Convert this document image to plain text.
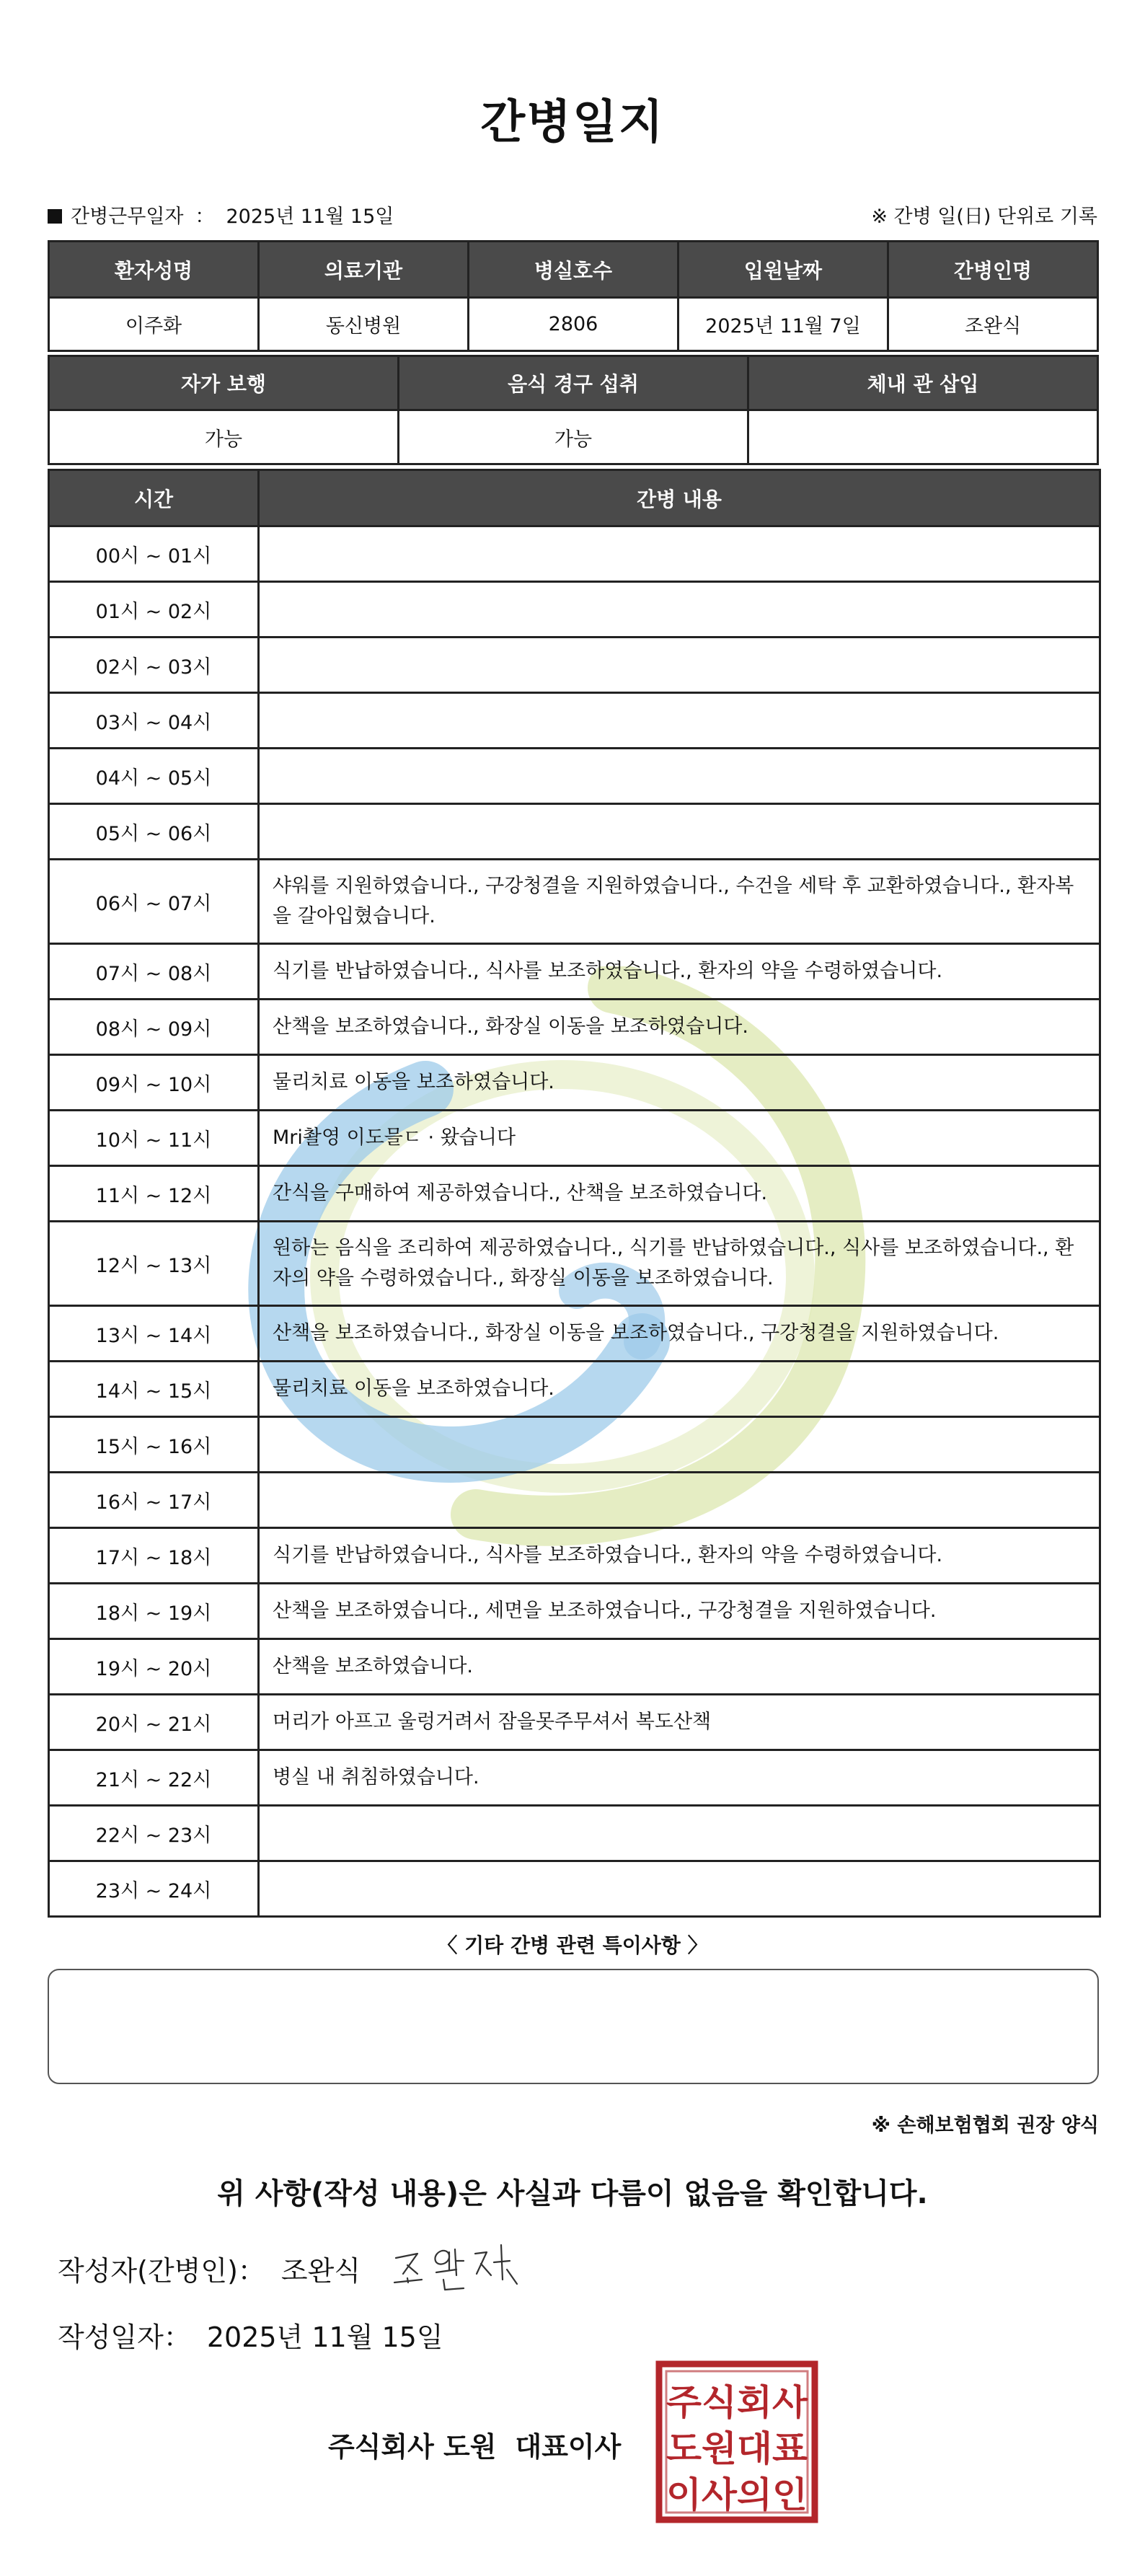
간병일지
간병근무일자 ： 2025년 11월 15일	※ 간병 일(日) 단위로 기록
환자성명	의료기관	병실호수	입원날짜	간병인명
이주화	동신병원	2806	2025년 11월 7일	조완식
자가 보행	음식 경구 섭취	체내 관 삽입
가능	가능	
시간	간병 내용
00시 ~ 01시	
01시 ~ 02시	
02시 ~ 03시	
03시 ~ 04시	
04시 ~ 05시	
05시 ~ 06시	
06시 ~ 07시	샤워를 지원하였습니다., 구강청결을 지원하였습니다., 수건을 세탁 후 교환하였습니다., 환자복을 갈아입혔습니다.
07시 ~ 08시	식기를 반납하였습니다., 식사를 보조하였습니다., 환자의 약을 수령하였습니다.
08시 ~ 09시	산책을 보조하였습니다., 화장실 이동을 보조하였습니다.
09시 ~ 10시	물리치료 이동을 보조하였습니다.
10시 ~ 11시	Mri촬영 이도믈ㄷ · 왔습니다
11시 ~ 12시	간식을 구매하여 제공하였습니다., 산책을 보조하였습니다.
12시 ~ 13시	원하는 음식을 조리하여 제공하였습니다., 식기를 반납하였습니다., 식사를 보조하였습니다., 환자의 약을 수령하였습니다., 화장실 이동을 보조하였습니다.
13시 ~ 14시	산책을 보조하였습니다., 화장실 이동을 보조하였습니다., 구강청결을 지원하였습니다.
14시 ~ 15시	물리치료 이동을 보조하였습니다.
15시 ~ 16시	
16시 ~ 17시	
17시 ~ 18시	식기를 반납하였습니다., 식사를 보조하였습니다., 환자의 약을 수령하였습니다.
18시 ~ 19시	산책을 보조하였습니다., 세면을 보조하였습니다., 구강청결을 지원하였습니다.
19시 ~ 20시	산책을 보조하였습니다.
20시 ~ 21시	머리가 아프고 울렁거려서 잠을못주무셔서 복도산책
21시 ~ 22시	병실 내 취침하였습니다.
22시 ~ 23시	
23시 ~ 24시	
〈 기타 간병 관련 특이사항 〉
※ 손해보험협회 권장 양식
위 사항(작성 내용)은 사실과 다름이 없음을 확인합니다.
작성자(간병인)： 조완식
작성일자： 2025년 11월 15일
주식회사 도원 대표이사
주식회사
도원대표
이사의인
